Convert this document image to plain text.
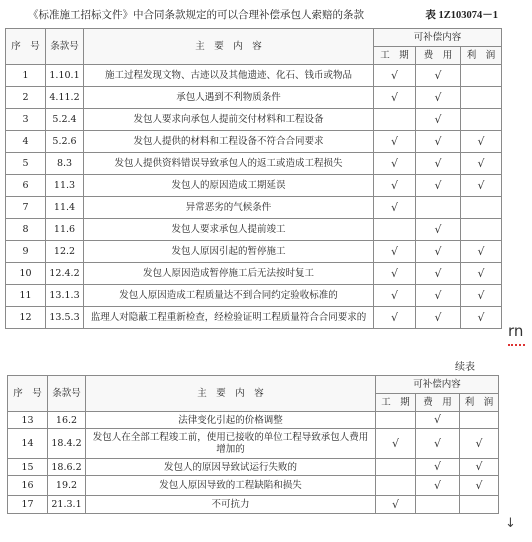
《标准施工招标文件》中合同条款规定的可以合理补偿承包人索赔的条款	表 1Z103074－1
序　号	条款号	主　要　内　容	可补偿内容		
			工　期	费　用	利　润
1	1.10.1	施工过程发现文物、古迹以及其他遗迹、化石、钱币或物品	√	√	
2	4.11.2	承包人遇到不利物质条件	√	√	
3	5.2.4	发包人要求向承包人提前交付材料和工程设备		√	
4	5.2.6	发包人提供的材料和工程设备不符合合同要求	√	√	√
5	8.3	发包人提供资料错误导致承包人的返工或造成工程损失	√	√	√
6	11.3	发包人的原因造成工期延误	√	√	√
7	11.4	异常恶劣的气候条件	√		
8	11.6	发包人要求承包人提前竣工		√	
9	12.2	发包人原因引起的暂停施工	√	√	√
10	12.4.2	发包人原因造成暂停施工后无法按时复工	√	√	√
11	13.1.3	发包人原因造成工程质量达不到合同约定验收标准的	√	√	√
12	13.5.3	监理人对隐蔽工程重新检查，经检验证明工程质量符合合同要求的	√	√	√
rn
续表
序　号	条款号	主　要　内　容	可补偿内容		
			工　期	费　用	利　润
13	16.2	法律变化引起的价格调整		√	
14	18.4.2	发包人在全部工程竣工前，使用已接收的单位工程导致承包人费用增加的	√	√	√
15	18.6.2	发包人的原因导致试运行失败的		√	√
16	19.2	发包人原因导致的工程缺陷和损失		√	√
17	21.3.1	不可抗力	√		
↓
